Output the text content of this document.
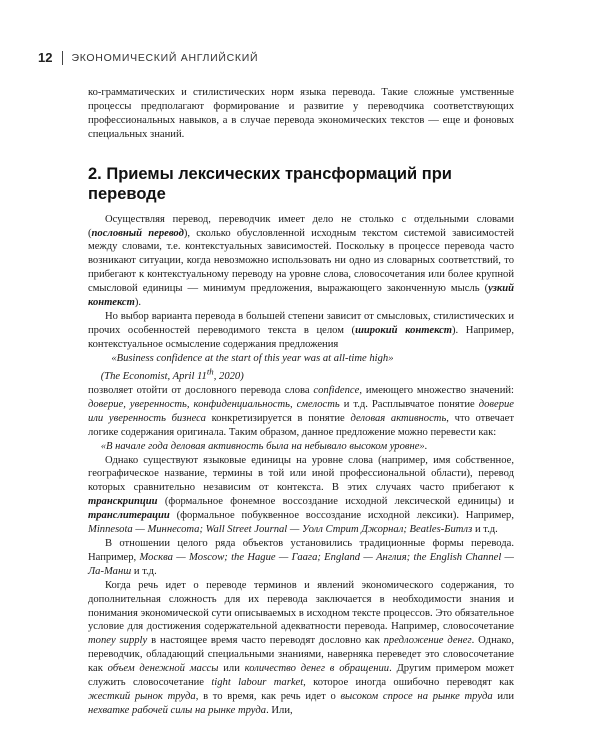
12 ЭКОНОМИЧЕСКИЙ АНГЛИЙСКИЙ

ко-грамматических и стилистических норм языка перевода. Такие сложные умственные процессы предполагают формирование и развитие у переводчика соответствующих профессиональных навыков, а в случае перевода экономических текстов — еще и фоновых специальных знаний.

2. Приемы лексических трансформаций при переводе

Осуществляя перевод, переводчик имеет дело не столько с отдельными словами (пословный перевод), сколько обусловленной исходным текстом системой зависимостей между словами, т.е. контекстуальных зависимостей. Поскольку в процессе перевода часто возникают ситуации, когда невозможно использовать ни одно из словарных соответствий, то прибегают к контекстуальному переводу на уровне слова, словосочетания или более крупной смысловой единицы — минимум предложения, выражающего законченную мысль (узкий контекст).

Но выбор варианта перевода в большей степени зависит от смысловых, стилистических и прочих особенностей переводимого текста в целом (широкий контекст). Например, контекстуальное осмысление содержания предложения

«Business confidence at the start of this year was at all-time high»

(The Economist, April 11th, 2020)

позволяет отойти от дословного перевода слова confidence, имеющего множество значений: доверие, уверенность, конфиденциальность, смелость и т.д. Расплывчатое понятие доверие или уверенность бизнеса конкретизируется в понятие деловая активность, что отвечает логике содержания оригинала. Таким образом, данное предложение можно перевести как:

«В начале года деловая активность была на небывало высоком уровне».

Однако существуют языковые единицы на уровне слова (например, имя собственное, географическое название, термины в той или иной профессиональной области), перевод которых сравнительно независим от контекста. В этих случаях часто прибегают к транскрипции (формальное фонемное воссоздание исходной лексической единицы) и транслитерации (формальное побуквенное воссоздание исходной лексики). Например, Minnesota — Миннесота; Wall Street Journal — Уолл Стрит Джорнал; Beatles-Битлз и т.д.

В отношении целого ряда объектов установились традиционные формы перевода. Например, Москва — Moscow; the Hague — Гаага; England — Англия; the English Channel — Ла-Манш и т.д.

Когда речь идет о переводе терминов и явлений экономического содержания, то дополнительная сложность для их перевода заключается в необходимости знания и понимания экономической сути описываемых в исходном тексте процессов. Это обязательное условие для достижения содержательной адекватности перевода. Например, словосочетание money supply в настоящее время часто переводят дословно как предложение денег. Однако, переводчик, обладающий специальными знаниями, наверняка переведет это словосочетание как объем денежной массы или количество денег в обращении. Другим примером может служить словосочетание tight labour market, которое иногда ошибочно переводят как жесткий рынок труда, в то время, как речь идет о высоком спросе на рынке труда или нехватке рабочей силы на рынке труда. Или,
